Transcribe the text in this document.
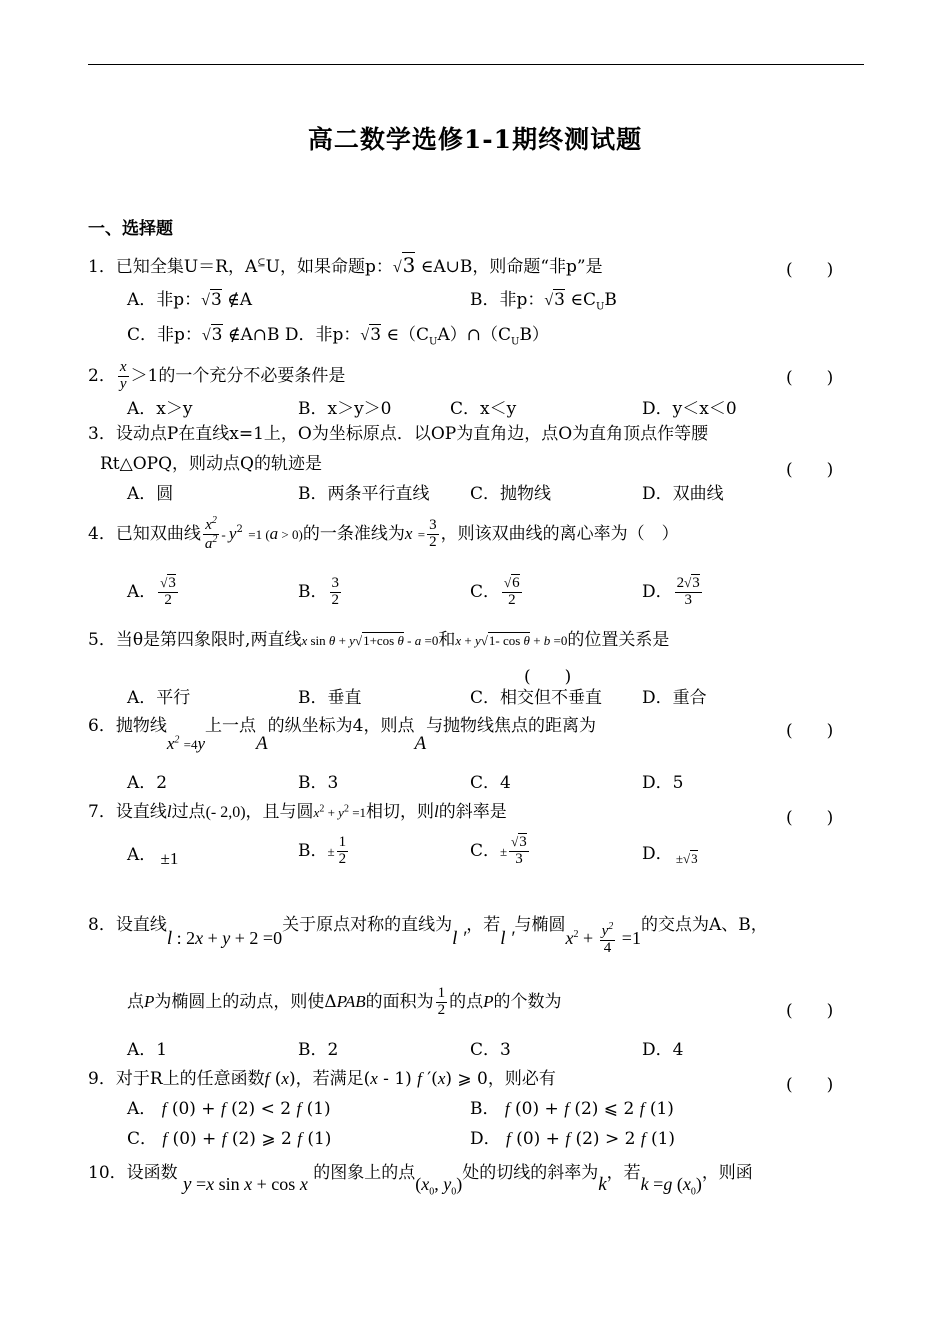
高二数学选修1-1期终测试题
一、选择题
1．已知全集U＝R，A⊆U，如果命题p：√3 ∈A∪B，则命题“非p”是	(　　)
A．非p：√3 ∉A	B．非p：√3 $\in C_UB$
C．非p：√3 ∉A∩B D．非p：√3 $\in(C_UA)\cap(C_UB)$
2． $\frac{x}{y} >1$的一个充分不必要条件是	(　　)
A．x＞y	B．x＞y＞0	C．x＜y	D．y＜x＜0
3．设动点P在直线x=1上，O为坐标原点．以OP为直角边，点O为直角顶点作等腰
Rt△OPQ，则动点Q的轨迹是	(　　)
A．圆	B．两条平行直线 C．抛物线	D．双曲线
4．已知双曲线 $\frac{x^2}{a^2} - y^2 =1$ (a > 0)的一条准线为$x = \frac{3}{2}$ ，则该双曲线的离心率为（　）
A． $\frac{√3}{2}$	B． $\frac{3}{2}$	C． $\frac{√6}{2}$	D． $\frac{2√3}{3}$
5．当θ是第四象限时,两直线x sin θ + y√1+cos θ - a =0和x + y√1- cos θ + b =0的位置关系是
(　　)
A．平行	B．垂直	C．相交但不垂直 D．重合
6．抛物线$x^2 =4y$上一点A的纵坐标为4，则点A与抛物线焦点的距离为	(　　)
A．2	B．3	C．4	D．5
7．设直线l过点(- 2,0)，且与圆$x^2 + y^2 =1$相切，则l的斜率是	(　　)
A． ±1	B．± $\frac{1}{2}$	C．± $\frac{√3}{3}$	D． $_{\pm√3}$
8．设直线l : 2x + y + 2 =0关于原点对称的直线为l ′，若l ′与椭圆$x^2 + \frac{y^2}{4} =1$的交点为A、B，
点P为椭圆上的动点，则使ΔPAB的面积为 $\frac{1}{2}$ 的点P的个数为	(　　)
A．1	B．2	C．3	D．4
9．对于R上的任意函数f (x)，若满足(x - 1) f ′(x) ⩾ 0，则必有	(　　)
A． f (0) + f (2) < 2 f (1)	B． f (0) + f (2) ⩽ 2 f (1)
C． f (0) + f (2) ⩾ 2 f (1)	D． f (0) + f (2) > 2 f (1)
10．设函数 y =x sin x + cos x 的图象上的点($x_0$, $y_0$)处的切线的斜率为k，若k =g $(x_0)$，则函
